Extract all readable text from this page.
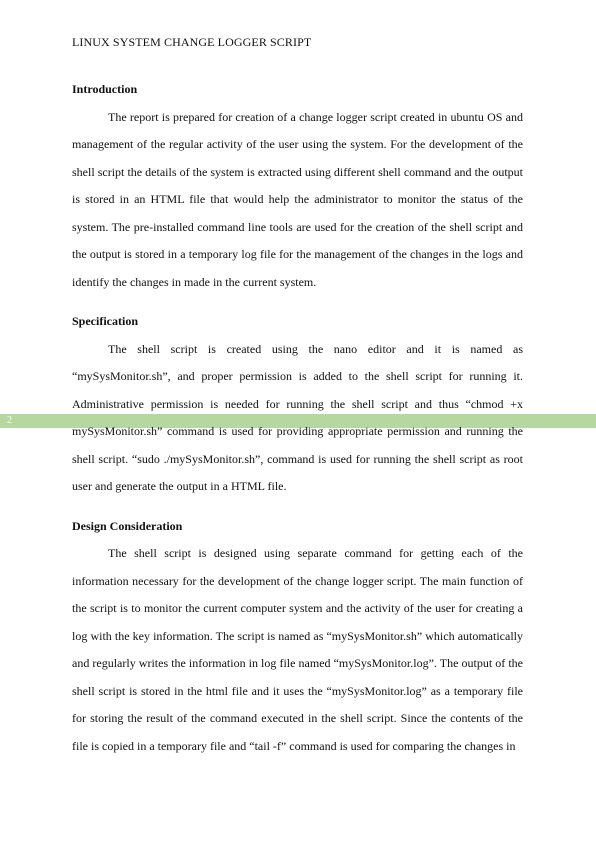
LINUX SYSTEM CHANGE LOGGER SCRIPT
2

Introduction

The report is prepared for creation of a change logger script created in ubuntu OS and management of the regular activity of the user using the system. For the development of the shell script the details of the system is extracted using different shell command and the output is stored in an HTML file that would help the administrator to monitor the status of the system. The pre-installed command line tools are used for the creation of the shell script and the output is stored in a temporary log file for the management of the changes in the logs and identify the changes in made in the current system.

Specification

The shell script is created using the nano editor and it is named as “mySysMonitor.sh”, and proper permission is added to the shell script for running it. Administrative permission is needed for running the shell script and thus “chmod +x mySysMonitor.sh” command is used for providing appropriate permission and running the shell script. “sudo ./mySysMonitor.sh”, command is used for running the shell script as root user and generate the output in a HTML file.

Design Consideration

The shell script is designed using separate command for getting each of the information necessary for the development of the change logger script. The main function of the script is to monitor the current computer system and the activity of the user for creating a log with the key information. The script is named as “mySysMonitor.sh” which automatically and regularly writes the information in log file named “mySysMonitor.log”. The output of the shell script is stored in the html file and it uses the “mySysMonitor.log” as a temporary file for storing the result of the command executed in the shell script. Since the contents of the file is copied in a temporary file and “tail -f” command is used for comparing the changes in
